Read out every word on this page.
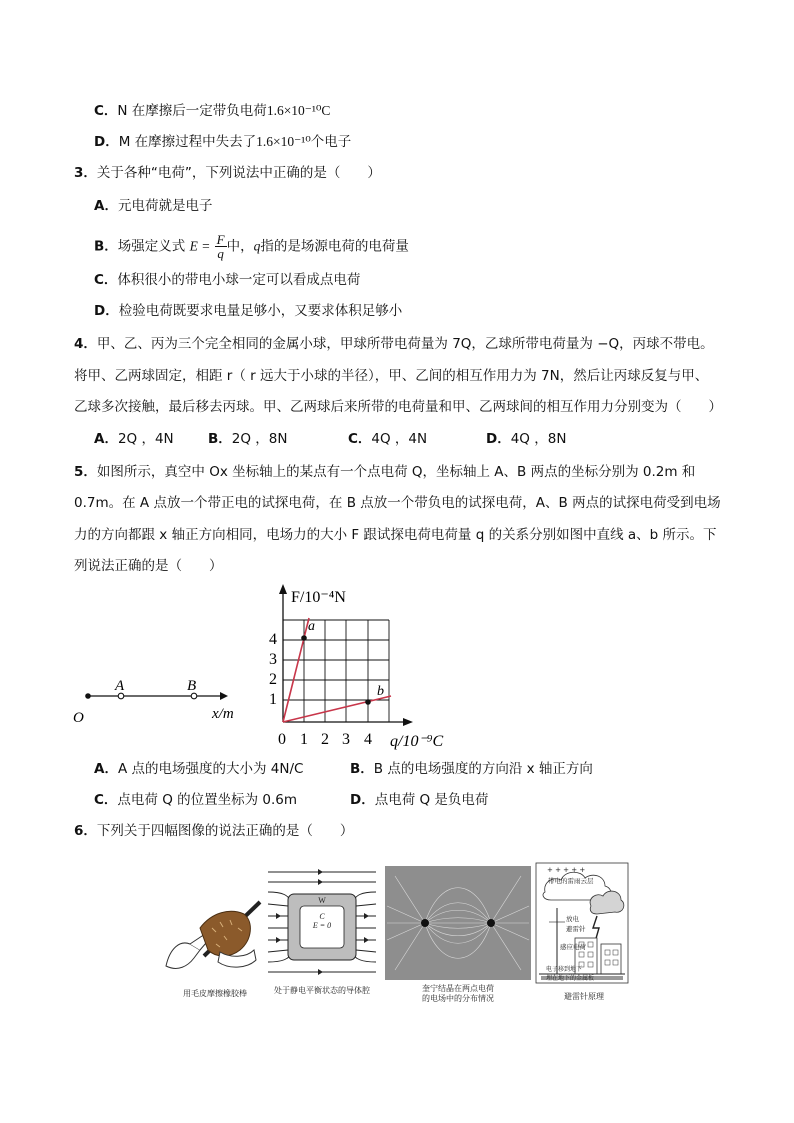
C．N 在摩擦后一定带负电荷1.6×10⁻¹⁰C
D．M 在摩擦过程中失去了1.6×10⁻¹⁰个电子
3．关于各种“电荷”，下列说法中正确的是（　　）
A．元电荷就是电子
B．场强定义式 $E = \frac{F}{q}$ 中，q指的是场源电荷的电荷量
C．体积很小的带电小球一定可以看成点电荷
D．检验电荷既要求电量足够小，又要求体积足够小
4．甲、乙、丙为三个完全相同的金属小球，甲球所带电荷量为 7Q，乙球所带电荷量为 −Q，丙球不带电。
将甲、乙两球固定，相距 r（ r 远大于小球的半径），甲、乙间的相互作用力为 7N，然后让丙球反复与甲、
乙球多次接触，最后移去丙球。甲、乙两球后来所带的电荷量和甲、乙两球间的相互作用力分别变为（　　）
A． 2Q ，4N	B． 2Q ，8N	C． 4Q ，4N	D． 4Q ，8N
5．如图所示，真空中 Ox 坐标轴上的某点有一个点电荷 Q，坐标轴上 A、B 两点的坐标分别为 0.2m 和
0.7m。在 A 点放一个带正电的试探电荷，在 B 点放一个带负电的试探电荷，A、B 两点的试探电荷受到电场
力的方向都跟 x 轴正方向相同，电场力的大小 F 跟试探电荷电荷量 q 的关系分别如图中直线 a、b 所示。下
列说法正确的是（　　）
O
A	B
x/m
a
b
F/10⁻⁴N
4
3
2
1
0 1 2 3 4 q/10⁻⁹C
A．A 点的电场强度的大小为 4N/C	B．B 点的电场强度的方向沿 x 轴正方向
C．点电荷 Q 的位置坐标为 0.6m	D．点电荷 Q 是负电荷
6．下列关于四幅图像的说法正确的是（　　）
用毛皮摩擦橡胶棒
W
C
E = 0
处于静电平衡状态的导体腔	奎宁结晶在两点电荷
的电场中的分布情况
+ + + + +
带电的雷雨云层
放电
避雷针
感应电荷
电子移到地下
埋在地下的金属板
避雷针原理
